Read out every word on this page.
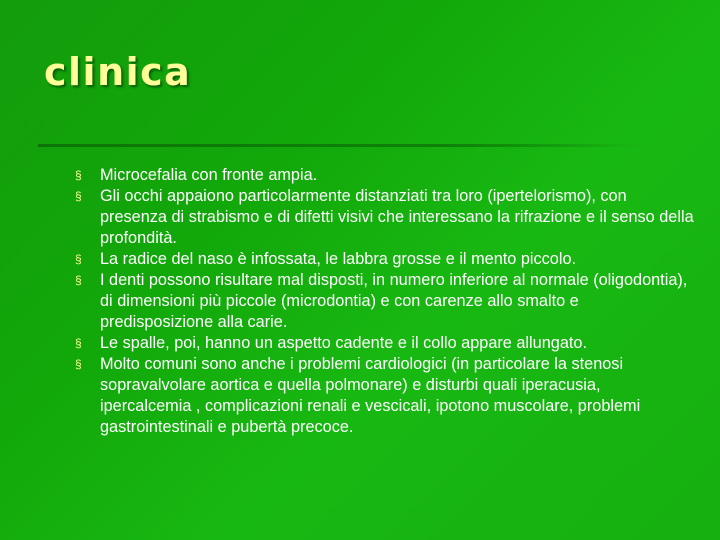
clinica
§ Microcefalia con fronte ampia.
§ Gli occhi appaiono particolarmente distanziati tra loro (ipertelorismo), con presenza di strabismo e di difetti visivi che interessano la rifrazione e il senso della profondità.
§ La radice del naso è infossata, le labbra grosse e il mento piccolo.
§ I denti possono risultare mal disposti, in numero inferiore al normale (oligodontia), di dimensioni più piccole (microdontia) e con carenze allo smalto e predisposizione alla carie.
§ Le spalle, poi, hanno un aspetto cadente e il collo appare allungato.
§ Molto comuni sono anche i problemi cardiologici (in particolare la stenosi sopravalvolare aortica e quella polmonare) e disturbi quali iperacusia, ipercalcemia , complicazioni renali e vescicali, ipotono muscolare, problemi gastrointestinali e pubertà precoce.
